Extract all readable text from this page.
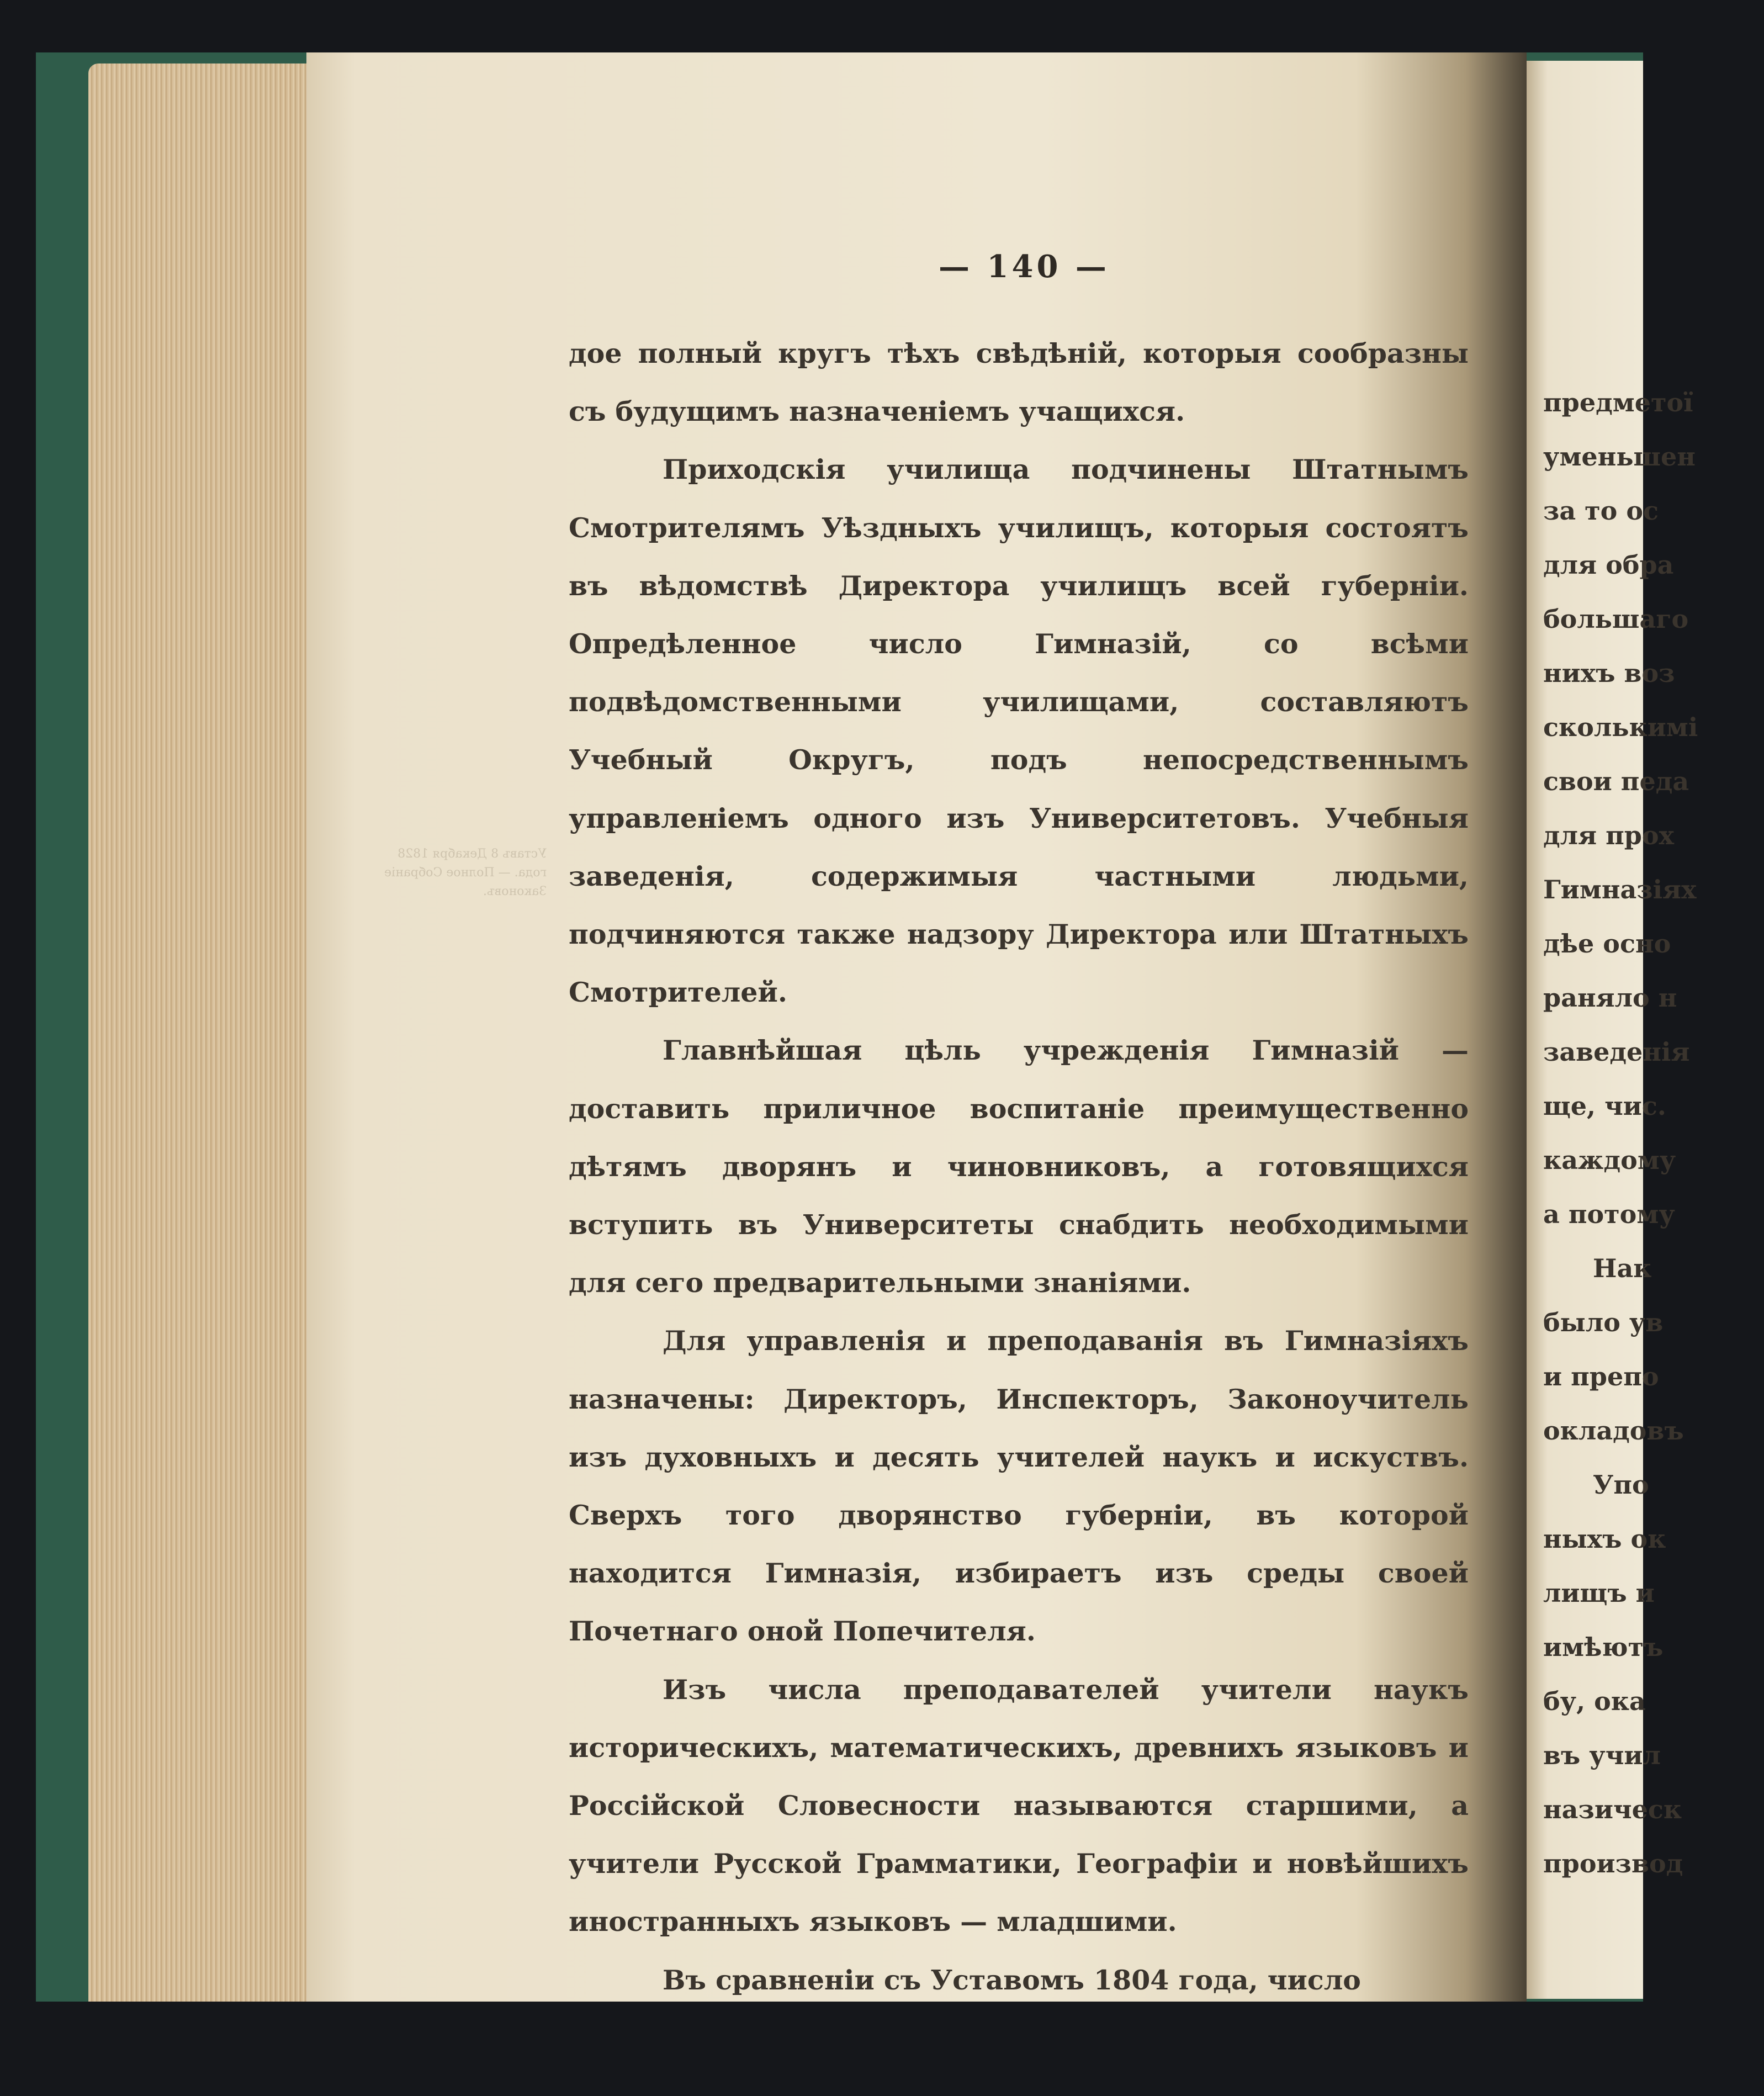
предметої
уменьшен
за то ос
для обра
большаго
нихъ воз
сколькимі
свои педа
для прох
Гимназіях
дѣе осно
раняло н
заведенія
ще, чис.
каждому
а потому
Нак
было ув
и препо
окладовъ
Упо
ныхъ ок
лищъ и
имѣютъ
бу, ока
въ учил
назическ
производ
— 140 —
Уставъ 8 Декабря 1828 года. — Полное Собраніе Законовъ.

дое полный кругъ тѣхъ свѣдѣній, которыя сообразны съ будущимъ назначеніемъ учащихся.

Приходскія училища подчинены Штатнымъ Смотрителямъ Уѣздныхъ училищъ, которыя состоятъ въ вѣдомствѣ Директора училищъ всей губерніи. Опредѣленное число Гимназій, со всѣми подвѣдомственными училищами, составляютъ Учебный Округъ, подъ непосредственнымъ управленіемъ одного изъ Университетовъ. Учебныя заведенія, содержимыя частными людьми, подчиняются также надзору Директора или Штатныхъ Смотрителей.

Главнѣйшая цѣль учрежденія Гимназій — доставить приличное воспитаніе преимущественно дѣтямъ дворянъ и чиновниковъ, а готовящихся вступить въ Университеты снабдить необходимыми для сего предварительными знаніями.

Для управленія и преподаванія въ Гимназіяхъ назначены: Директоръ, Инспекторъ, Законоучитель изъ духовныхъ и десять учителей наукъ и искуствъ. Сверхъ того дворянство губерніи, въ которой находится Гимназія, избираетъ изъ среды своей Почетнаго оной Попечителя.

Изъ числа преподавателей учители наукъ историческихъ, математическихъ, древнихъ языковъ и Россійской Словесности называются старшими, а учители Русской Грамматики, Географіи и новѣйшихъ иностранныхъ языковъ — младшими.

Въ сравненіи съ Уставомъ 1804 года, число
